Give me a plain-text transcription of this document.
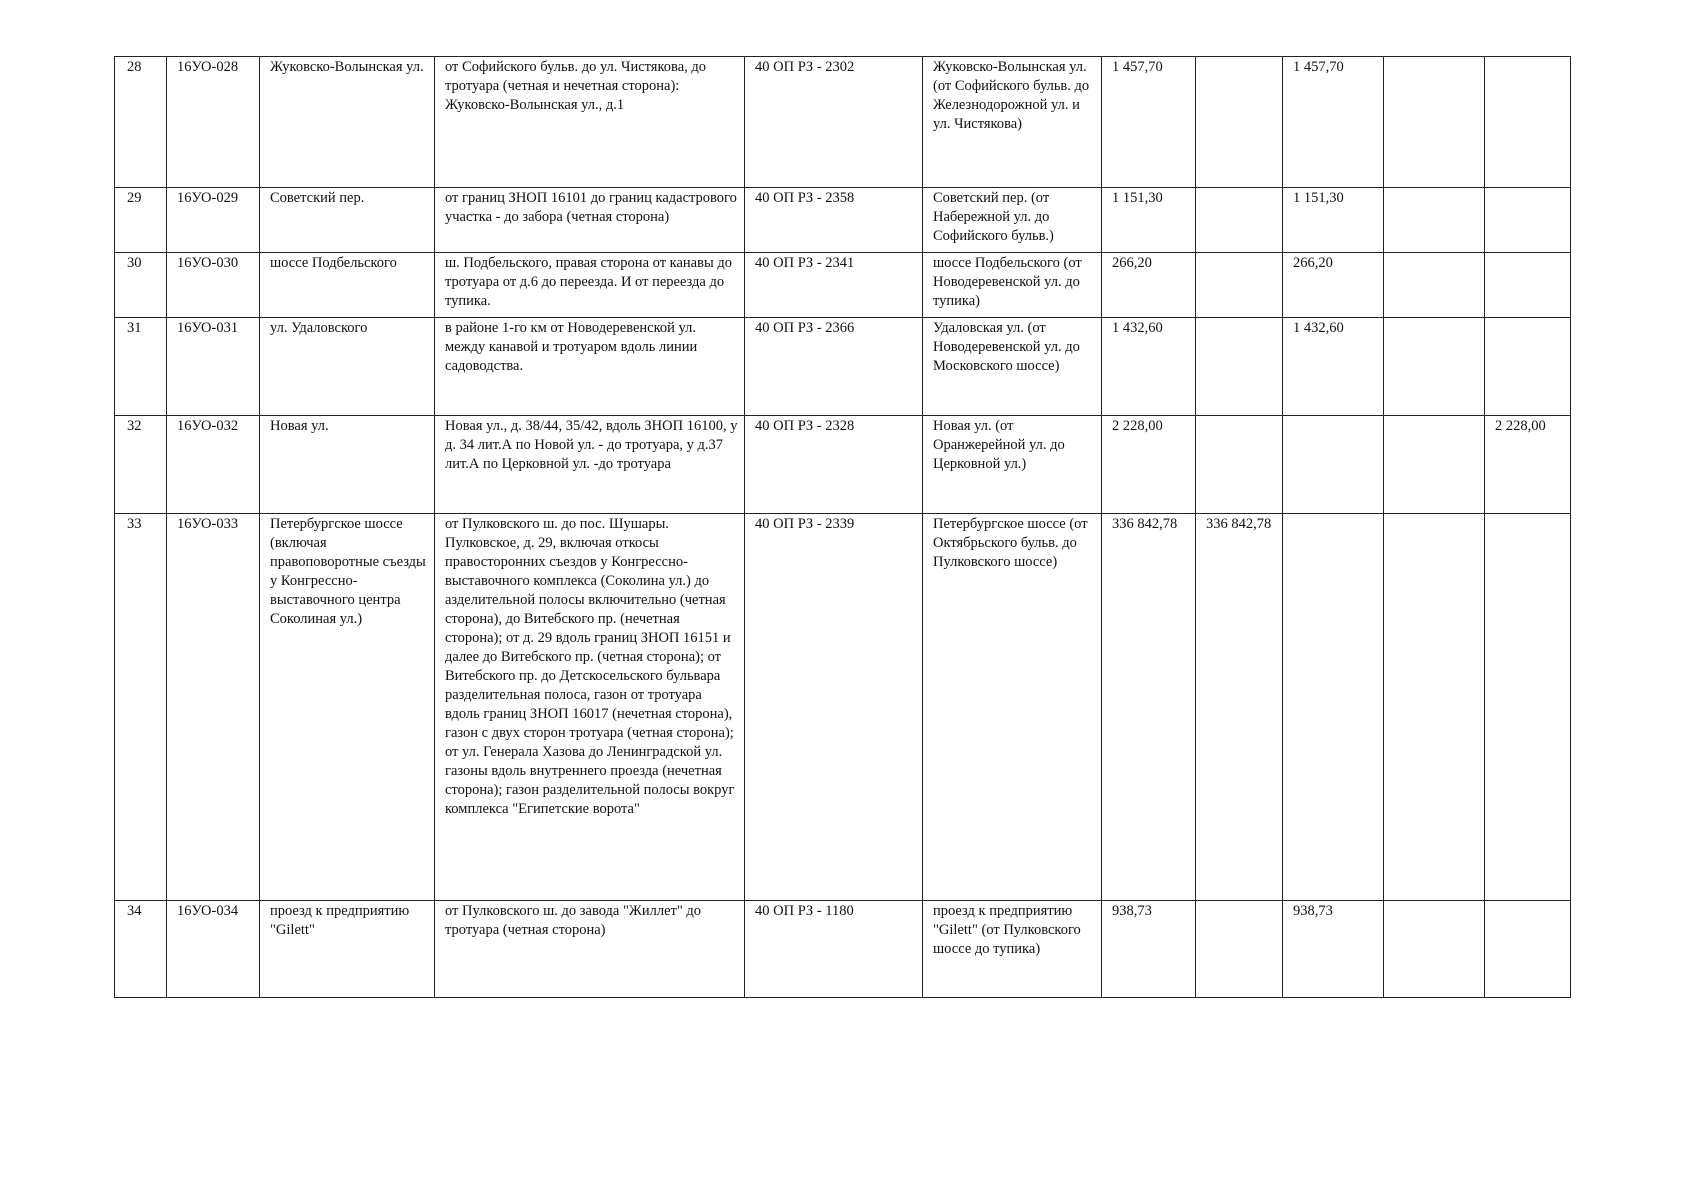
28	16УО-028	Жуковско-Волынская ул.	от Софийского бульв. до ул. Чистякова, до тротуара (четная и нечетная сторона): Жуковско-Волынская ул., д.1	40 ОП РЗ - 2302	Жуковско-Волынская ул. (от Софийского бульв. до Железнодорожной ул. и ул. Чистякова)	1 457,70		1 457,70		
29	16УО-029	Советский пер.	от границ ЗНОП 16101 до границ кадастрового участка - до забора (четная сторона)	40 ОП РЗ - 2358	Советский пер. (от Набережной ул. до Софийского бульв.)	1 151,30		1 151,30		
30	16УО-030	шоссе Подбельского	ш. Подбельского, правая сторона от канавы до тротуара от д.6 до переезда. И от переезда до тупика.	40 ОП РЗ - 2341	шоссе Подбельского (от Новодеревенской ул. до тупика)	266,20		266,20		
31	16УО-031	ул. Удаловского	в районе 1-го км от Новодеревенской ул. между канавой и тротуаром вдоль линии садоводства.	40 ОП РЗ - 2366	Удаловская ул. (от Новодеревенской ул. до Московского шоссе)	1 432,60		1 432,60		
32	16УО-032	Новая ул.	Новая ул., д. 38/44, 35/42, вдоль ЗНОП 16100, у д. 34 лит.А по Новой ул. - до тротуара, у д.37 лит.А по Церковной ул. -до тротуара	40 ОП РЗ - 2328	Новая ул. (от Оранжерейной ул. до Церковной ул.)	2 228,00				2 228,00
33	16УО-033	Петербургское шоссе (включая правоповоротные съезды у Конгрессно-выставочного центра Соколиная ул.)	от Пулковского ш. до пос. Шушары. Пулковское, д. 29, включая откосы правосторонних съездов у Конгрессно-выставочного комплекса (Соколина ул.) до азделительной полосы включительно (четная сторона), до Витебского пр. (нечетная сторона); от д. 29 вдоль границ ЗНОП 16151 и далее до Витебского пр. (четная сторона); от Витебского пр. до Детскосельского бульвара разделительная полоса, газон от тротуара вдоль границ ЗНОП 16017 (нечетная сторона), газон с двух сторон тротуара (четная сторона); от ул. Генерала Хазова до Ленинградской ул. газоны вдоль внутреннего проезда (нечетная сторона); газон разделительной полосы вокруг комплекса "Египетские ворота"	40 ОП РЗ - 2339	Петербургское шоссе (от Октябрьского бульв. до Пулковского шоссе)	336 842,78	336 842,78			
34	16УО-034	проезд к предприятию "Gilett"	от Пулковского ш. до завода "Жиллет" до тротуара (четная сторона)	40 ОП РЗ - 1180	проезд к предприятию "Gilett" (от Пулковского шоссе до тупика)	938,73		938,73		
